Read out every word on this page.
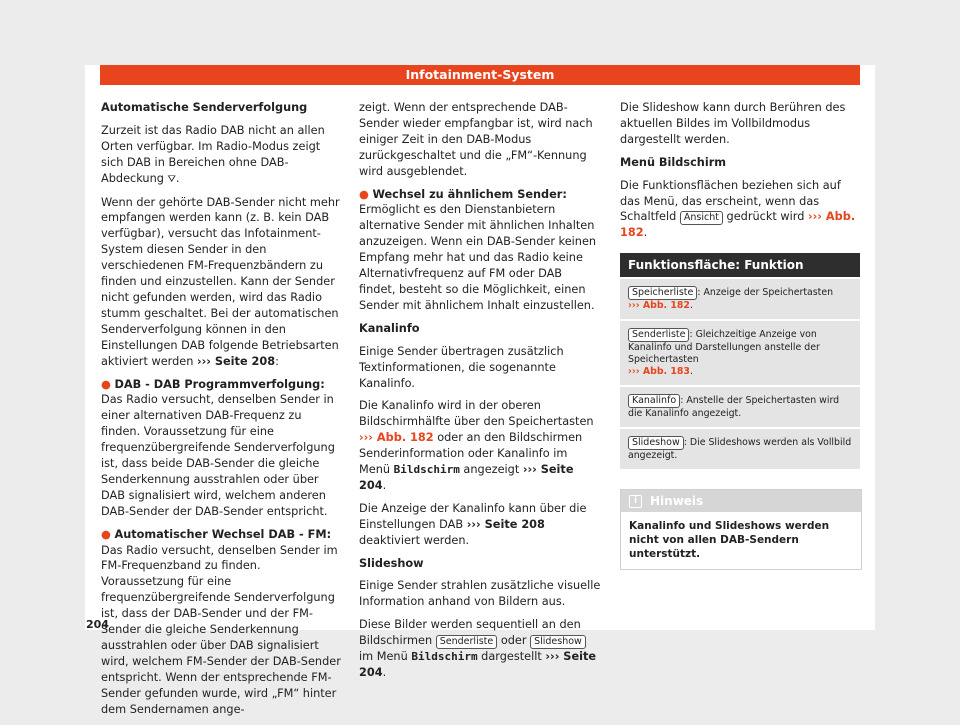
Infotainment-System

Automatische Senderverfolgung

Zurzeit ist das Radio DAB nicht an allen Orten verfügbar. Im Radio-Modus zeigt sich DAB in Bereichen ohne DAB-Abdeckung ⛛.

Wenn der gehörte DAB-Sender nicht mehr empfangen werden kann (z. B. kein DAB verfügbar), versucht das Infotainment-System diesen Sender in den verschiedenen FM-Frequenzbändern zu finden und einzustellen. Kann der Sender nicht gefunden werden, wird das Radio stumm geschaltet. Bei der automatischen Senderverfolgung können in den Einstellungen DAB folgende Betriebsarten aktiviert werden ››› Seite 208:

● DAB - DAB Programmverfolgung: Das Radio versucht, denselben Sender in einer alternativen DAB-Frequenz zu finden. Voraussetzung für eine frequenzübergreifende Senderverfolgung ist, dass beide DAB-Sender die gleiche Senderkennung ausstrahlen oder über DAB signalisiert wird, welchem anderen DAB-Sender der DAB-Sender entspricht.

● Automatischer Wechsel DAB - FM: Das Radio versucht, denselben Sender im FM-Frequenzband zu finden. Voraussetzung für eine frequenzübergreifende Senderverfolgung ist, dass der DAB-Sender und der FM-Sender die gleiche Senderkennung ausstrahlen oder über DAB signalisiert wird, welchem FM-Sender der DAB-Sender entspricht. Wenn der entsprechende FM-Sender gefunden wurde, wird „FM“ hinter dem Sendernamen ange-

zeigt. Wenn der entsprechende DAB-Sender wieder empfangbar ist, wird nach einiger Zeit in den DAB-Modus zurückgeschaltet und die „FM“-Kennung wird ausgeblendet.

● Wechsel zu ähnlichem Sender: Ermöglicht es den Dienstanbietern alternative Sender mit ähnlichen Inhalten anzuzeigen. Wenn ein DAB-Sender keinen Empfang mehr hat und das Radio keine Alternativfrequenz auf FM oder DAB findet, besteht so die Möglichkeit, einen Sender mit ähnlichem Inhalt einzustellen.

Kanalinfo

Einige Sender übertragen zusätzlich Textinformationen, die sogenannte Kanalinfo.

Die Kanalinfo wird in der oberen Bildschirmhälfte über den Speichertasten ››› Abb. 182 oder an den Bildschirmen Senderinformation oder Kanalinfo im Menü Bildschirm angezeigt ››› Seite 204.

Die Anzeige der Kanalinfo kann über die Einstellungen DAB ››› Seite 208 deaktiviert werden.

Slideshow

Einige Sender strahlen zusätzliche visuelle Information anhand von Bildern aus.

Diese Bilder werden sequentiell an den Bildschirmen Senderliste oder Slideshow im Menü Bildschirm dargestellt ››› Seite 204.

Die Slideshow kann durch Berühren des aktuellen Bildes im Vollbildmodus dargestellt werden.

Menü Bildschirm

Die Funktionsflächen beziehen sich auf das Menü, das erscheint, wenn das Schaltfeld Ansicht gedrückt wird ››› Abb. 182.

Funktionsfläche: Funktion
Speicherliste : Anzeige der Speichertasten
››› Abb. 182.
Senderliste : Gleichzeitige Anzeige von Kanalinfo und Darstellungen anstelle der Speichertasten
››› Abb. 183.
Kanalinfo : Anstelle der Speichertasten wird die Kanalinfo angezeigt.
Slideshow : Die Slideshows werden als Vollbild angezeigt.
i Hinweis
Kanalinfo und Slideshows werden nicht von allen DAB-Sendern unterstützt.
204
